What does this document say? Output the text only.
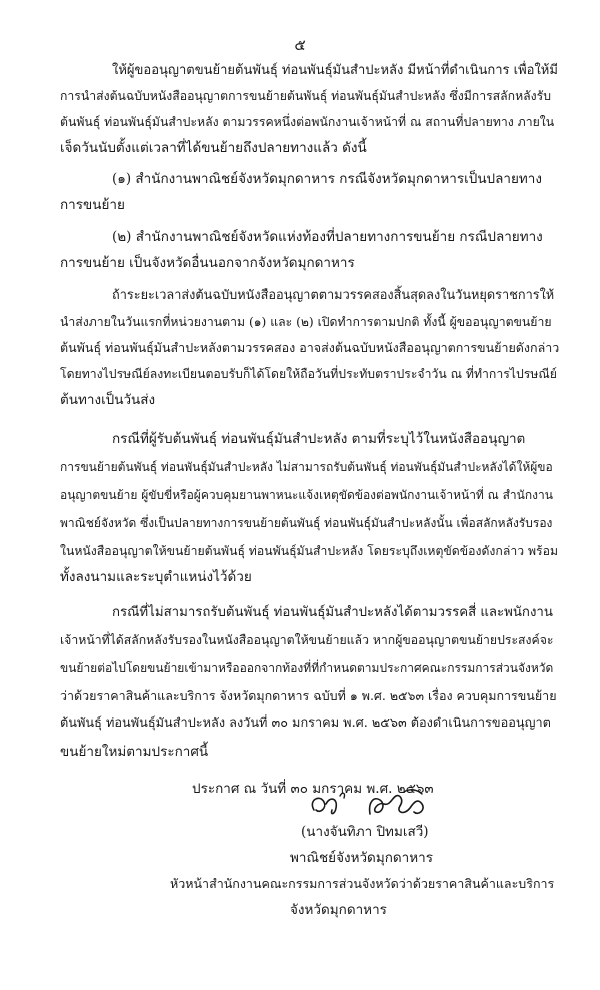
๕
ให้ผู้ขออนุญาตขนย้ายต้นพันธุ์ ท่อนพันธุ์มันสำปะหลัง มีหน้าที่ดำเนินการ เพื่อให้มี
การนำส่งต้นฉบับหนังสืออนุญาตการขนย้ายต้นพันธุ์ ท่อนพันธุ์มันสำปะหลัง ซึ่งมีการสลักหลังรับ
ต้นพันธุ์ ท่อนพันธุ์มันสำปะหลัง ตามวรรคหนึ่งต่อพนักงานเจ้าหน้าที่ ณ สถานที่ปลายทาง ภายใน
เจ็ดวันนับตั้งแต่เวลาที่ได้ขนย้ายถึงปลายทางแล้ว ดังนี้
(๑) สำนักงานพาณิชย์จังหวัดมุกดาหาร กรณีจังหวัดมุกดาหารเป็นปลายทาง
การขนย้าย
(๒) สำนักงานพาณิชย์จังหวัดแห่งท้องที่ปลายทางการขนย้าย กรณีปลายทาง
การขนย้าย เป็นจังหวัดอื่นนอกจากจังหวัดมุกดาหาร
ถ้าระยะเวลาส่งต้นฉบับหนังสืออนุญาตตามวรรคสองสิ้นสุดลงในวันหยุดราชการให้
นำส่งภายในวันแรกที่หน่วยงานตาม (๑) และ (๒) เปิดทำการตามปกติ ทั้งนี้ ผู้ขออนุญาตขนย้าย
ต้นพันธุ์ ท่อนพันธุ์มันสำปะหลังตามวรรคสอง อาจส่งต้นฉบับหนังสืออนุญาตการขนย้ายดังกล่าว
โดยทางไปรษณีย์ลงทะเบียนตอบรับก็ได้โดยให้ถือวันที่ประทับตราประจำวัน ณ ที่ทำการไปรษณีย์
ต้นทางเป็นวันส่ง
กรณีที่ผู้รับต้นพันธุ์ ท่อนพันธุ์มันสำปะหลัง ตามที่ระบุไว้ในหนังสืออนุญาต
การขนย้ายต้นพันธุ์ ท่อนพันธุ์มันสำปะหลัง ไม่สามารถรับต้นพันธุ์ ท่อนพันธุ์มันสำปะหลังได้ให้ผู้ขอ
อนุญาตขนย้าย ผู้ขับขี่หรือผู้ควบคุมยานพาหนะแจ้งเหตุขัดข้องต่อพนักงานเจ้าหน้าที่ ณ สำนักงาน
พาณิชย์จังหวัด ซึ่งเป็นปลายทางการขนย้ายต้นพันธุ์ ท่อนพันธุ์มันสำปะหลังนั้น เพื่อสลักหลังรับรอง
ในหนังสืออนุญาตให้ขนย้ายต้นพันธุ์ ท่อนพันธุ์มันสำปะหลัง โดยระบุถึงเหตุขัดข้องดังกล่าว พร้อม
ทั้งลงนามและระบุตำแหน่งไว้ด้วย
กรณีที่ไม่สามารถรับต้นพันธุ์ ท่อนพันธุ์มันสำปะหลังได้ตามวรรคสี่ และพนักงาน
เจ้าหน้าที่ได้สลักหลังรับรองในหนังสืออนุญาตให้ขนย้ายแล้ว หากผู้ขออนุญาตขนย้ายประสงค์จะ
ขนย้ายต่อไปโดยขนย้ายเข้ามาหรือออกจากท้องที่ที่กำหนดตามประกาศคณะกรรมการส่วนจังหวัด
ว่าด้วยราคาสินค้าและบริการ จังหวัดมุกดาหาร ฉบับที่ ๑ พ.ศ. ๒๕๖๓ เรื่อง ควบคุมการขนย้าย
ต้นพันธุ์ ท่อนพันธุ์มันสำปะหลัง ลงวันที่ ๓๐ มกราคม พ.ศ. ๒๕๖๓ ต้องดำเนินการขออนุญาต
ขนย้ายใหม่ตามประกาศนี้
ประกาศ ณ วันที่ ๓๐ มกราคม พ.ศ. ๒๕๖๓
(นางจันทิภา ปิทมเสวี)
พาณิชย์จังหวัดมุกดาหาร
หัวหน้าสำนักงานคณะกรรมการส่วนจังหวัดว่าด้วยราคาสินค้าและบริการ
จังหวัดมุกดาหาร
